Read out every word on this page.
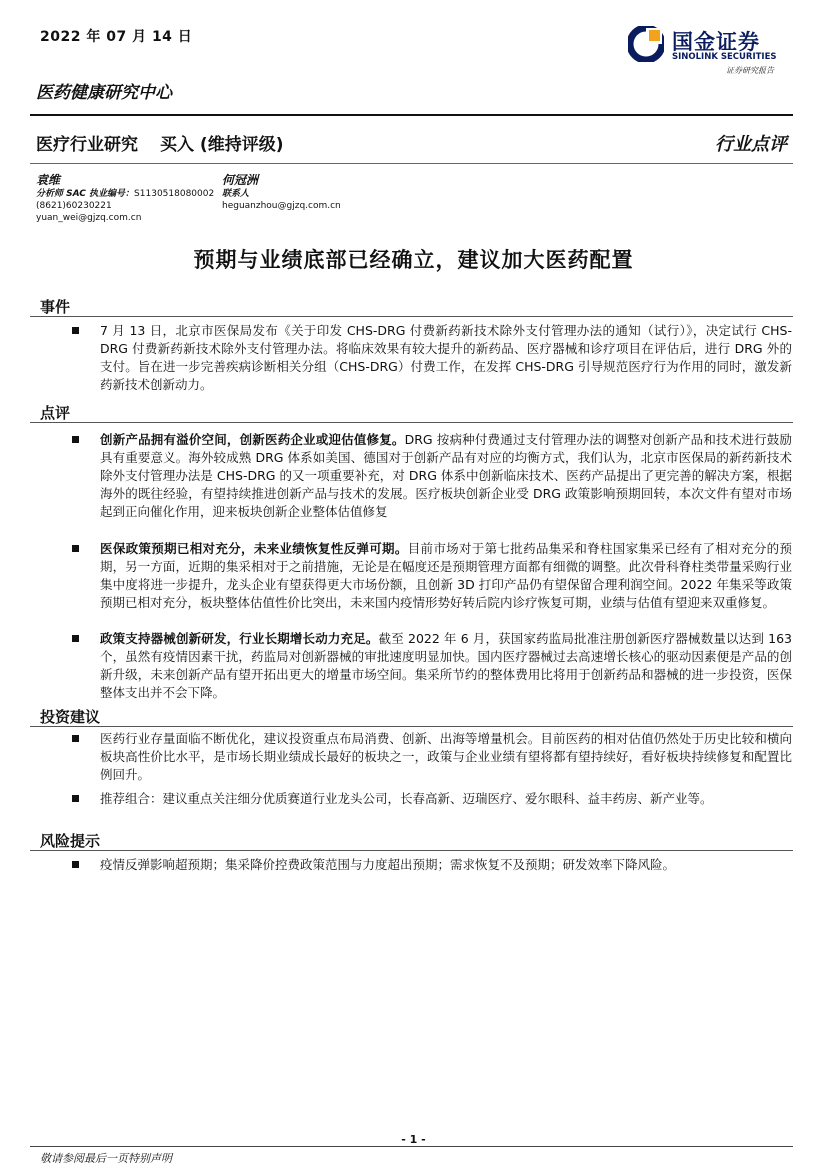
2022 年 07 月 14 日	国金证券
SINOLINK SECURITIES
证券研究报告
医药健康研究中心
医疗行业研究 买入 (维持评级)	行业点评
袁维
分析师 SAC 执业编号：S1130518080002
(8621)60230221
yuan_wei@gjzq.com.cn
何冠洲
联系人
heguanzhou@gjzq.com.cn
预期与业绩底部已经确立，建议加大医药配置
事件
7 月 13 日，北京市医保局发布《关于印发 CHS-DRG 付费新药新技术除外支付管理办法的通知（试行）》，决定试行 CHS-DRG 付费新药新技术除外支付管理办法。将临床效果有较大提升的新药品、医疗器械和诊疗项目在评估后，进行 DRG 外的支付。旨在进一步完善疾病诊断相关分组（CHS-DRG）付费工作，在发挥 CHS-DRG 引导规范医疗行为作用的同时，激发新药新技术创新动力。
点评
创新产品拥有溢价空间，创新医药企业或迎估值修复。DRG 按病种付费通过支付管理办法的调整对创新产品和技术进行鼓励具有重要意义。海外较成熟 DRG 体系如美国、德国对于创新产品有对应的均衡方式，我们认为，北京市医保局的新药新技术除外支付管理办法是 CHS-DRG 的又一项重要补充，对 DRG 体系中创新临床技术、医药产品提出了更完善的解决方案，根据海外的既往经验，有望持续推进创新产品与技术的发展。医疗板块创新企业受 DRG 政策影响预期回转，本次文件有望对市场起到正向催化作用，迎来板块创新企业整体估值修复
医保政策预期已相对充分，未来业绩恢复性反弹可期。目前市场对于第七批药品集采和脊柱国家集采已经有了相对充分的预期，另一方面，近期的集采相对于之前措施，无论是在幅度还是预期管理方面都有细微的调整。此次骨科脊柱类带量采购行业集中度将进一步提升，龙头企业有望获得更大市场份额，且创新 3D 打印产品仍有望保留合理利润空间。2022 年集采等政策预期已相对充分，板块整体估值性价比突出，未来国内疫情形势好转后院内诊疗恢复可期，业绩与估值有望迎来双重修复。
政策支持器械创新研发，行业长期增长动力充足。截至 2022 年 6 月，获国家药监局批准注册创新医疗器械数量以达到 163 个，虽然有疫情因素干扰，药监局对创新器械的审批速度明显加快。国内医疗器械过去高速增长核心的驱动因素便是产品的创新升级，未来创新产品有望开拓出更大的增量市场空间。集采所节约的整体费用比将用于创新药品和器械的进一步投资，医保整体支出并不会下降。
投资建议
医药行业存量面临不断优化，建议投资重点布局消费、创新、出海等增量机会。目前医药的相对估值仍然处于历史比较和横向板块高性价比水平，是市场长期业绩成长最好的板块之一，政策与企业业绩有望将都有望持续好，看好板块持续修复和配置比例回升。
推荐组合：建议重点关注细分优质赛道行业龙头公司，长春高新、迈瑞医疗、爱尔眼科、益丰药房、新产业等。
风险提示
疫情反弹影响超预期；集采降价控费政策范围与力度超出预期；需求恢复不及预期；研发效率下降风险。
- 1 -
敬请参阅最后一页特别声明
